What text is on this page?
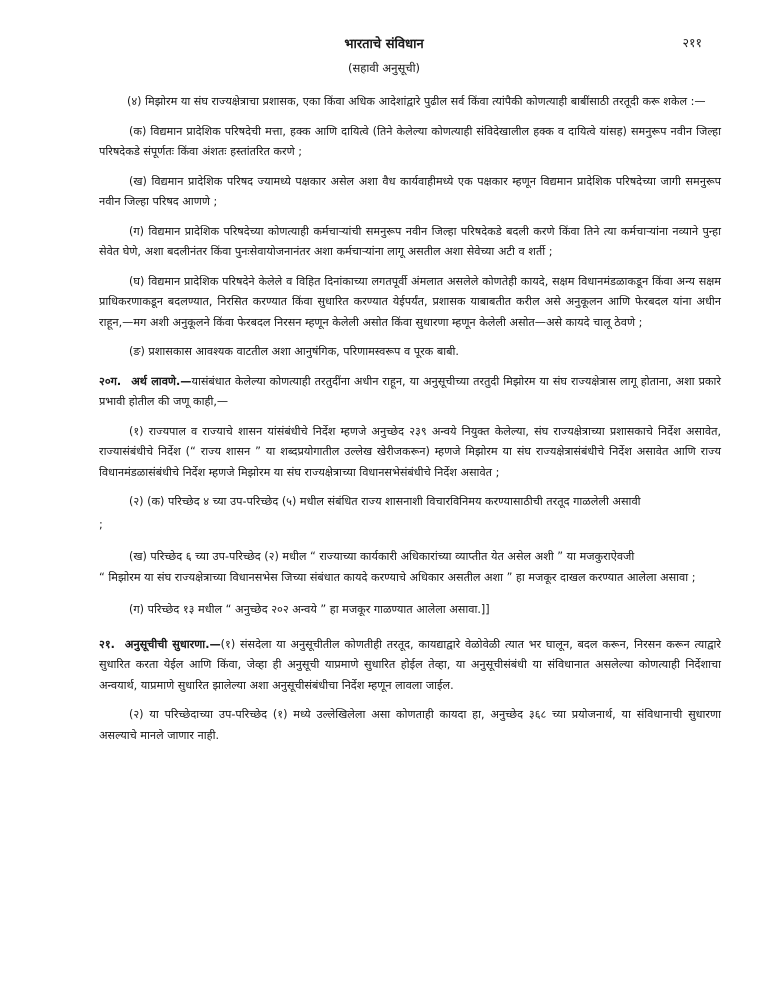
भारताचे संविधान	२११
(सहावी अनुसूची)

(४) मिझोरम या संघ राज्यक्षेत्राचा प्रशासक, एका किंवा अधिक आदेशांद्वारे पुढील सर्व किंवा त्यांपैकी कोणत्याही बाबींसाठी तरतूदी करू शकेल :—

(क) विद्यमान प्रादेशिक परिषदेची मत्ता, हक्क आणि दायित्वे (तिने केलेल्या कोणत्याही संविदेखालील हक्क व दायित्वे यांसह) समनुरूप नवीन जिल्हा परिषदेकडे संपूर्णतः किंवा अंशतः हस्तांतरित करणे ;

(ख) विद्यमान प्रादेशिक परिषद ज्यामध्ये पक्षकार असेल अशा वैध कार्यवाहीमध्ये एक पक्षकार म्हणून विद्यमान प्रादेशिक परिषदेच्या जागी समनुरूप नवीन जिल्हा परिषद आणणे ;

(ग) विद्यमान प्रादेशिक परिषदेच्या कोणत्याही कर्मचाऱ्यांची समनुरूप नवीन जिल्हा परिषदेकडे बदली करणे किंवा तिने त्या कर्मचाऱ्यांना नव्याने पुन्हा सेवेत घेणे, अशा बदलीनंतर किंवा पुनःसेवायोजनानंतर अशा कर्मचाऱ्यांना लागू असतील अशा सेवेच्या अटी व शर्ती ;

(घ) विद्यमान प्रादेशिक परिषदेने केलेले व विहित दिनांकाच्या लगतपूर्वी अंमलात असलेले कोणतेही कायदे, सक्षम विधानमंडळाकडून किंवा अन्य सक्षम प्राधिकरणाकडून बदलण्यात, निरसित करण्यात किंवा सुधारित करण्यात येईपर्यंत, प्रशासक याबाबतीत करील असे अनुकूलन आणि फेरबदल यांना अधीन राहून,—मग अशी अनुकूलने किंवा फेरबदल निरसन म्हणून केलेली असोत किंवा सुधारणा म्हणून केलेली असोत—असे कायदे चालू ठेवणे ;

(ङ) प्रशासकास आवश्यक वाटतील अशा आनुषंगिक, परिणामस्वरूप व पूरक बाबी.

२०ग. अर्थ लावणे.—यासंबंधात केलेल्या कोणत्याही तरतुदींना अधीन राहून, या अनुसूचीच्या तरतुदी मिझोरम या संघ राज्यक्षेत्रास लागू होताना, अशा प्रकारे प्रभावी होतील की जणू काही,—

(१) राज्यपाल व राज्याचे शासन यांसंबंधीचे निर्देश म्हणजे अनुच्छेद २३९ अन्वये नियुक्त केलेल्या, संघ राज्यक्षेत्राच्या प्रशासकाचे निर्देश असावेत, राज्यासंबंधीचे निर्देश (“ राज्य शासन ” या शब्दप्रयोगातील उल्लेख खेरीजकरून) म्हणजे मिझोरम या संघ राज्यक्षेत्रासंबंधीचे निर्देश असावेत आणि राज्य विधानमंडळासंबंधीचे निर्देश म्हणजे मिझोरम या संघ राज्यक्षेत्राच्या विधानसभेसंबंधीचे निर्देश असावेत ;

(२) (क) परिच्छेद ४ च्या उप-परिच्छेद (५) मधील संबंधित राज्य शासनाशी विचारविनिमय करण्यासाठीची तरतूद गाळलेली असावी

;

(ख) परिच्छेद ६ च्या उप-परिच्छेद (२) मधील “ राज्याच्या कार्यकारी अधिकारांच्या व्याप्तीत येत असेल अशी ” या मजकुराऐवजी

“ मिझोरम या संघ राज्यक्षेत्राच्या विधानसभेस जिच्या संबंधात कायदे करण्याचे अधिकार असतील अशा ” हा मजकूर दाखल करण्यात आलेला असावा ;

(ग) परिच्छेद १३ मधील “ अनुच्छेद २०२ अन्वये ” हा मजकूर गाळण्यात आलेला असावा.]]

२१. अनुसूचीची सुधारणा.—(१) संसदेला या अनुसूचीतील कोणतीही तरतूद, कायद्याद्वारे वेळोवेळी त्यात भर घालून, बदल करून, निरसन करून त्याद्वारे सुधारित करता येईल आणि किंवा, जेव्हा ही अनुसूची याप्रमाणे सुधारित होईल तेव्हा, या अनुसूचीसंबंधी या संविधानात असलेल्या कोणत्याही निर्देशाचा अन्वयार्थ, याप्रमाणे सुधारित झालेल्या अशा अनुसूचीसंबंधीचा निर्देश म्हणून लावला जाईल.

(२) या परिच्छेदाच्या उप-परिच्छेद (१) मध्ये उल्लेखिलेला असा कोणताही कायदा हा, अनुच्छेद ३६८ च्या प्रयोजनार्थ, या संविधानाची सुधारणा असल्याचे मानले जाणार नाही.
